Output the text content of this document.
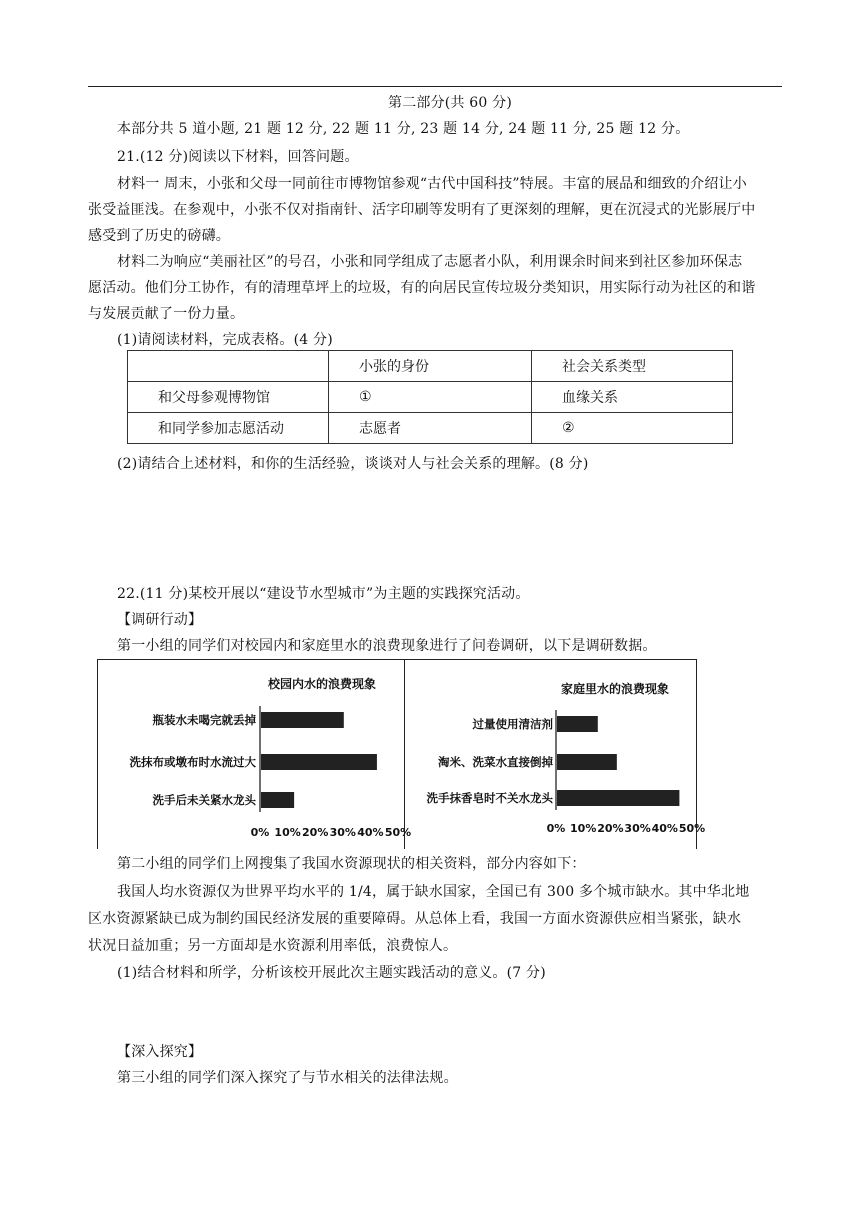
第二部分(共 60 分)
本部分共 5 道小题, 21 题 12 分, 22 题 11 分, 23 题 14 分, 24 题 11 分, 25 题 12 分。
21.(12 分)阅读以下材料，回答问题。
材料一 周末，小张和父母一同前往市博物馆参观“古代中国科技”特展。丰富的展品和细致的介绍让小
张受益匪浅。在参观中，小张不仅对指南针、活字印刷等发明有了更深刻的理解，更在沉浸式的光影展厅中
感受到了历史的磅礴。
材料二为响应“美丽社区”的号召，小张和同学组成了志愿者小队，利用课余时间来到社区参加环保志
愿活动。他们分工协作，有的清理草坪上的垃圾，有的向居民宣传垃圾分类知识，用实际行动为社区的和谐
与发展贡献了一份力量。
(1)请阅读材料，完成表格。(4 分)
	小张的身份	社会关系类型
和父母参观博物馆	①	血缘关系
和同学参加志愿活动	志愿者	②
(2)请结合上述材料，和你的生活经验，谈谈对人与社会关系的理解。(8 分)
22.(11 分)某校开展以“建设节水型城市”为主题的实践探究活动。
【调研行动】
第一小组的同学们对校园内和家庭里水的浪费现象进行了问卷调研，以下是调研数据。
校园内水的浪费现象
瓶装水未喝完就丢掉
洗抹布或墩布时水流过大
洗手后未关紧水龙头
0% 10% 20% 30% 40% 50%
家庭里水的浪费现象
过量使用清洁剂
淘米、洗菜水直接倒掉
洗手抹香皂时不关水龙头
0% 10% 20% 30% 40% 50%
第二小组的同学们上网搜集了我国水资源现状的相关资料，部分内容如下：
我国人均水资源仅为世界平均水平的 1/4，属于缺水国家，全国已有 300 多个城市缺水。其中华北地
区水资源紧缺已成为制约国民经济发展的重要障碍。从总体上看，我国一方面水资源供应相当紧张，缺水
状况日益加重；另一方面却是水资源利用率低，浪费惊人。
(1)结合材料和所学，分析该校开展此次主题实践活动的意义。(7 分)
【深入探究】
第三小组的同学们深入探究了与节水相关的法律法规。
